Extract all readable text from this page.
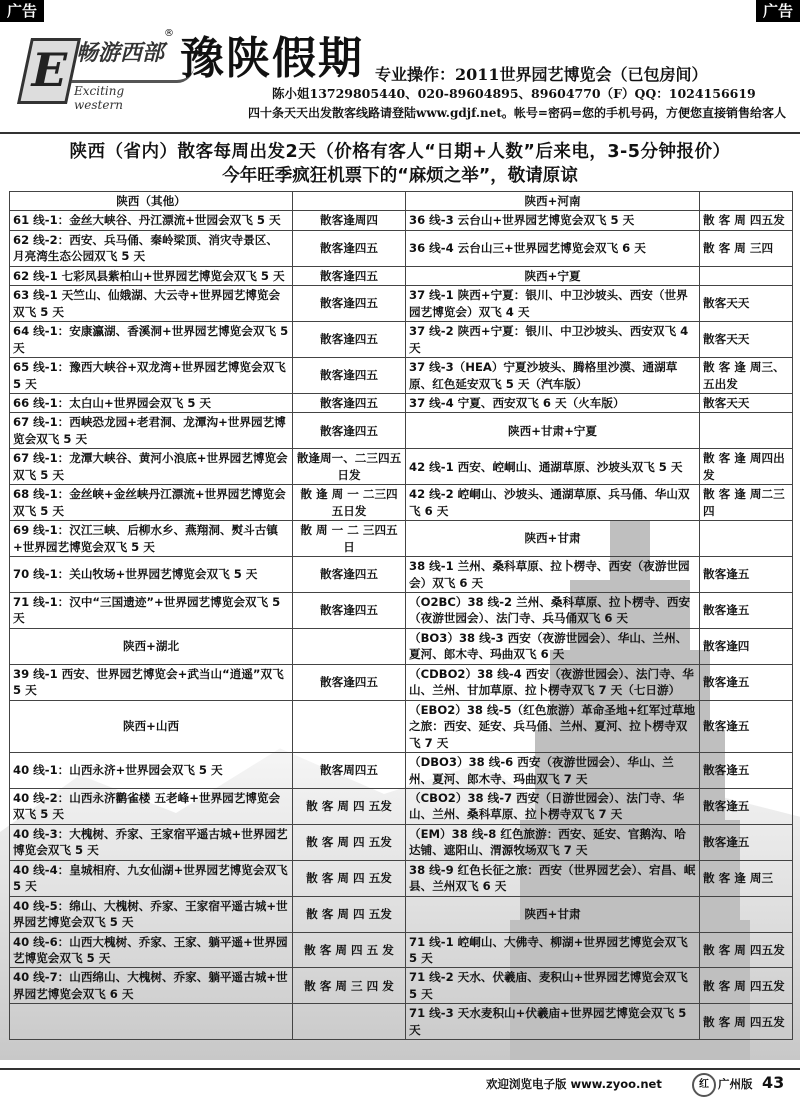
广告	广告
E 畅游西部
®
Exciting western
豫陕假期 专业操作：2011世界园艺博览会（已包房间）
陈小姐13729805440、020-89604895、89604770（F）QQ：1024156619
四十条天天出发散客线路请登陆www.gdjf.net。帐号=密码=您的手机号码，方便您直接销售给客人
陕西（省内）散客每周出发2天（价格有客人“日期+人数”后来电，3-5分钟报价）
今年旺季疯狂机票下的“麻烦之举”，敬请原谅
陕西（其他）		陕西+河南	
61 线-1：金丝大峡谷、丹江漂流+世园会双飞 5 天	散客逢周四	36 线-3 云台山+世界园艺博览会双飞 5 天	散 客 周 四五发
62 线-2：西安、兵马俑、秦岭梁顶、消灾寺景区、月亮湾生态公园双飞 5 天	散客逢四五	36 线-4 云台山三+世界园艺博览会双飞 6 天	散 客 周 三四
62 线-1 七彩凤县紫柏山+世界园艺博览会双飞 5 天	散客逢四五	陕西+宁夏	
63 线-1 天竺山、仙娥湖、大云寺+世界园艺博览会双飞 5 天	散客逢四五	37 线-1 陕西+宁夏：银川、中卫沙坡头、西安（世界园艺博览会）双飞 4 天	散客天天
64 线-1：安康瀛湖、香溪洞+世界园艺博览会双飞 5 天	散客逢四五	37 线-2 陕西+宁夏：银川、中卫沙坡头、西安双飞 4 天	散客天天
65 线-1：豫西大峡谷+双龙湾+世界园艺博览会双飞 5 天	散客逢四五	37 线-3（HEA）宁夏沙坡头、腾格里沙漠、通湖草原、红色延安双飞 5 天（汽车版）	散 客 逢 周三、五出发
66 线-1：太白山+世界园会双飞 5 天	散客逢四五	37 线-4 宁夏、西安双飞 6 天（火车版）	散客天天
67 线-1：西峡恐龙园+老君洞、龙潭沟+世界园艺博览会双飞 5 天	散客逢四五	陕西+甘肃+宁夏	
67 线-1：龙潭大峡谷、黄河小浪底+世界园艺博览会双飞 5 天	散逢周一、二三四五日发	42 线-1 西安、崆峒山、通湖草原、沙坡头双飞 5 天	散 客 逢 周四出发
68 线-1：金丝峡+金丝峡丹江漂流+世界园艺博览会双飞 5 天	散 逢 周 一 二三四五日发	42 线-2 崆峒山、沙坡头、通湖草原、兵马俑、华山双飞 6 天	散 客 逢 周二三四
69 线-1：汉江三峡、后柳水乡、燕翔洞、熨斗古镇+世界园艺博览会双飞 5 天	散 周 一 二 三四五日	陕西+甘肃	
70 线-1：关山牧场+世界园艺博览会双飞 5 天	散客逢四五	38 线-1 兰州、桑科草原、拉卜楞寺、西安（夜游世园会）双飞 6 天	散客逢五
71 线-1：汉中“三国遗迹”+世界园艺博览会双飞 5 天	散客逢四五	（O2BC）38 线-2 兰州、桑科草原、拉卜楞寺、西安（夜游世园会）、法门寺、兵马俑双飞 6 天	散客逢五
陕西+湖北		（BO3）38 线-3 西安（夜游世园会）、华山、兰州、夏河、郎木寺、玛曲双飞 6 天	散客逢四
39 线-1 西安、世界园艺博览会+武当山“逍遥”双飞 5 天	散客逢四五	（CDBO2）38 线-4 西安（夜游世园会）、法门寺、华山、兰州、甘加草原、拉卜楞寺双飞 7 天（七日游）	散客逢五
陕西+山西		（EBO2）38 线-5（红色旅游）革命圣地+红军过草地之旅：西安、延安、兵马俑、兰州、夏河、拉卜楞寺双飞 7 天	散客逢五
40 线-1：山西永济+世界园会双飞 5 天	散客周四五	（DBO3）38 线-6 西安（夜游世园会）、华山、兰州、夏河、郎木寺、玛曲双飞 7 天	散客逢五
40 线-2：山西永济鹳雀楼 五老峰+世界园艺博览会双飞 5 天	散 客 周 四 五发	（CBO2）38 线-7 西安（日游世园会）、法门寺、华山、兰州、桑科草原、拉卜楞寺双飞 7 天	散客逢五
40 线-3：大槐树、乔家、王家宿平遥古城+世界园艺博览会双飞 5 天	散 客 周 四 五发	（EM）38 线-8 红色旅游：西安、延安、官鹅沟、哈达铺、遮阳山、渭源牧场双飞 7 天	散客逢五
40 线-4：皇城相府、九女仙湖+世界园艺博览会双飞 5 天	散 客 周 四 五发	38 线-9 红色长征之旅：西安（世界园艺会）、宕昌、岷县、兰州双飞 6 天	散 客 逢 周三
40 线-5：绵山、大槐树、乔家、王家宿平遥古城+世界园艺博览会双飞 5 天	散 客 周 四 五发	陕西+甘肃	
40 线-6：山西大槐树、乔家、王家、躺平遥+世界园艺博览会双飞 5 天	散 客 周 四 五 发	71 线-1 崆峒山、大佛寺、柳湖+世界园艺博览会双飞 5 天	散 客 周 四五发
40 线-7：山西绵山、大槐树、乔家、躺平遥古城+世界园艺博览会双飞 6 天	散 客 周 三 四 发	71 线-2 天水、伏羲庙、麦积山+世界园艺博览会双飞 5 天	散 客 周 四五发
		71 线-3 天水麦积山+伏羲庙+世界园艺博览会双飞 5 天	散 客 周 四五发
欢迎浏览电子版 www.zyoo.net	红 广州版 43
